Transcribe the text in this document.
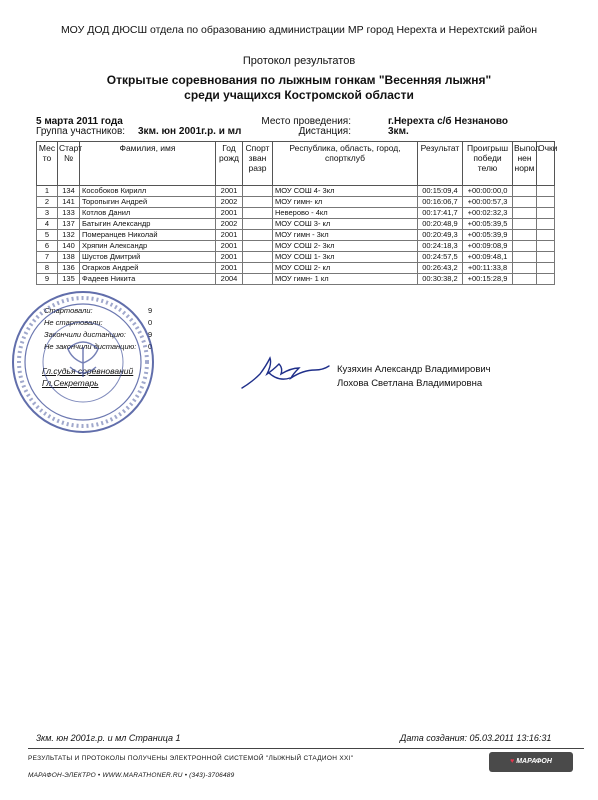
МОУ ДОД ДЮСШ отдела по образованию администрации МР город Нерехта и Нерехтский район
Протокол результатов
Открытые соревнования по лыжным гонкам "Весенняя лыжня"
среди учащихся Костромской области
5 марта 2011 года
Группа участников: 3км. юн 2001г.р. и мл
Место проведения:	г.Нерехта с/б Незнаново
Дистанция:	3км.
Мес то	Старт №	Фамилия, имя	Год рожд	Спорт зван разр	Республика, область, город, спортклуб	Результат	Проигрыш победи телю	Выпол нен норм	Очки
1	134	Кособоков Кирилл	2001		МОУ СОШ 4- 3кл	00:15:09,4	+00:00:00,0		
2	141	Торопыгин Андрей	2002		МОУ гимн- кл	00:16:06,7	+00:00:57,3		
3	133	Котлов Данил	2001		Неверово - 4кл	00:17:41,7	+00:02:32,3		
4	137	Батыгин Александр	2002		МОУ СОШ 3- кл	00:20:48,9	+00:05:39,5		
5	132	Померанцев Николай	2001		МОУ гимн - 3кл	00:20:49,3	+00:05:39,9		
6	140	Хряпин Александр	2001		МОУ СОШ 2- 3кл	00:24:18,3	+00:09:08,9		
7	138	Шустов Дмитрий	2001		МОУ СОШ 1- 3кл	00:24:57,5	+00:09:48,1		
8	136	Огарков Андрей	2001		МОУ СОШ 2- кл	00:26:43,2	+00:11:33,8		
9	135	Фадеев Никита	2004		МОУ гимн- 1 кл	00:30:38,2	+00:15:28,9		
Стартовали:	9
Не стартовали:	0
Закончили дистанцию:	9
Не закончили дистанцию: 0
Гл.судья соревнований
Гл.Секретарь
Кузяхин Александр Владимирович
Лохова Светлана Владимировна
3км. юн 2001г.р. и мл Страница 1	Дата создания: 05.03.2011 13:16:31
РЕЗУЛЬТАТЫ И ПРОТОКОЛЫ ПОЛУЧЕНЫ ЭЛЕКТРОННОЙ СИСТЕМОЙ "ЛЫЖНЫЙ СТАДИОН XXI"
МАРАФОН-ЭЛЕКТРО • WWW.MARATHONER.RU • (343)-3706489
♥ МАРАФОН
